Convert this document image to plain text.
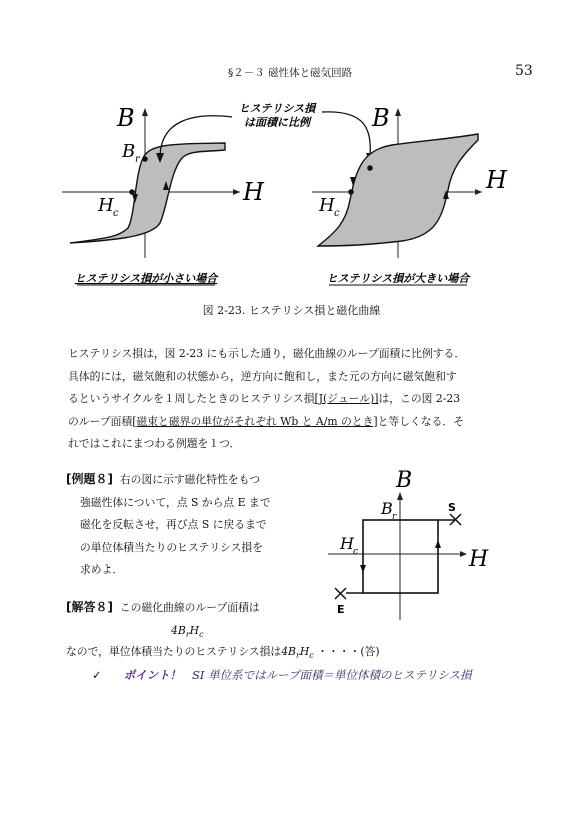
§２－３ 磁性体と磁気回路	53
ヒステリシス損
は面積に比例
B
B r
H c
H
B
H c
H
ヒステリシス損が小さい場合	ヒステリシス損が大きい場合
図 2-23. ヒステリシス損と磁化曲線

ヒステリシス損は，図 2-23 にも示した通り，磁化曲線のループ面積に比例する．

具体的には，磁気飽和の状態から，逆方向に飽和し，また元の方向に磁気飽和す

るというサイクルを１周したときのヒステリシス損[J(ジュール)]は，この図 2-23

のループ面積[磁束と磁界の単位がそれぞれ Wb と A/m のとき]と等しくなる．そ

れではこれにまつわる例題を１つ．

[例題８] 右の図に示す磁化特性をもつ

強磁性体について，点 S から点 E まで

磁化を反転させ，再び点 S に戻るまで

の単位体積当たりのヒステリシス損を

求めよ．

[解答８] この磁化曲線のループ面積は

$4B_rH_c$

なので，単位体積当たりのヒステリシス損は$4B_rH_c$ ・・・・(答)

B
B r
H c	H
S
E
✓ ポイント！ SI 単位系ではループ面積＝単位体積のヒステリシス損
